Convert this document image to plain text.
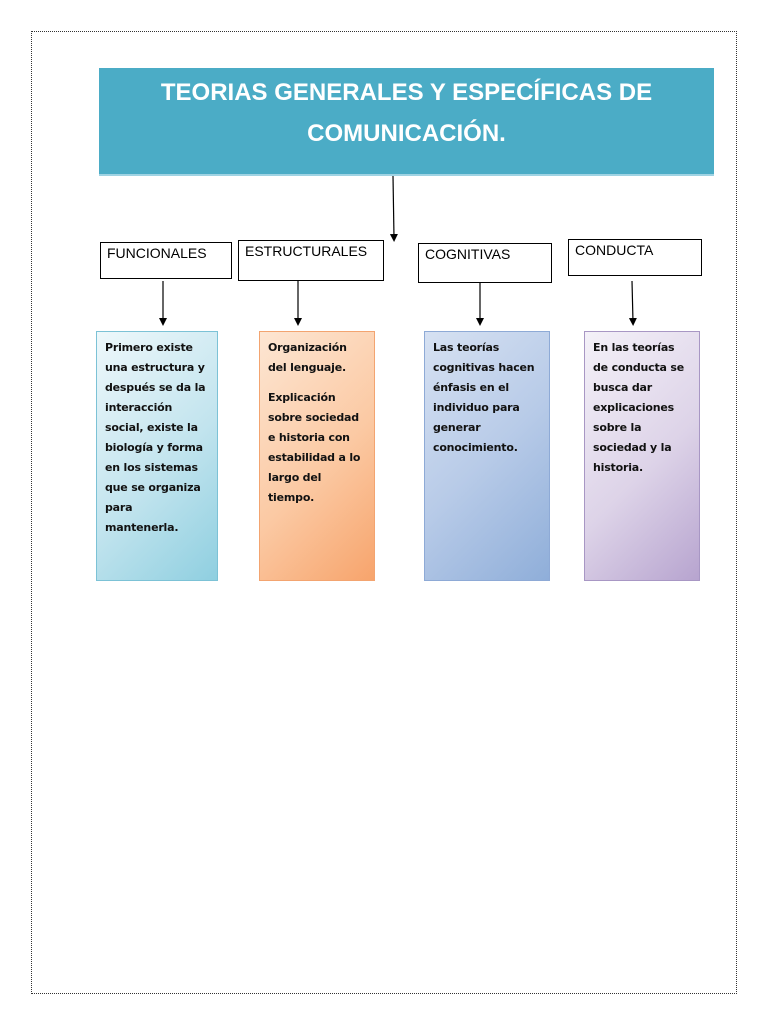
TEORIAS GENERALES Y ESPECÍFICAS DE
COMUNICACIÓN.
FUNCIONALES	ESTRUCTURALES	COGNITIVAS	CONDUCTA

Primero existe una estructura y después se da la interacción social, existe la biología y forma en los sistemas que se organiza para mantenerla.

Organización del lenguaje.

Explicación sobre sociedad e historia con estabilidad a lo largo del tiempo.

Las teorías cognitivas hacen énfasis en el individuo para generar conocimiento.

En las teorías de conducta se busca dar explicaciones sobre la sociedad y la historia.
